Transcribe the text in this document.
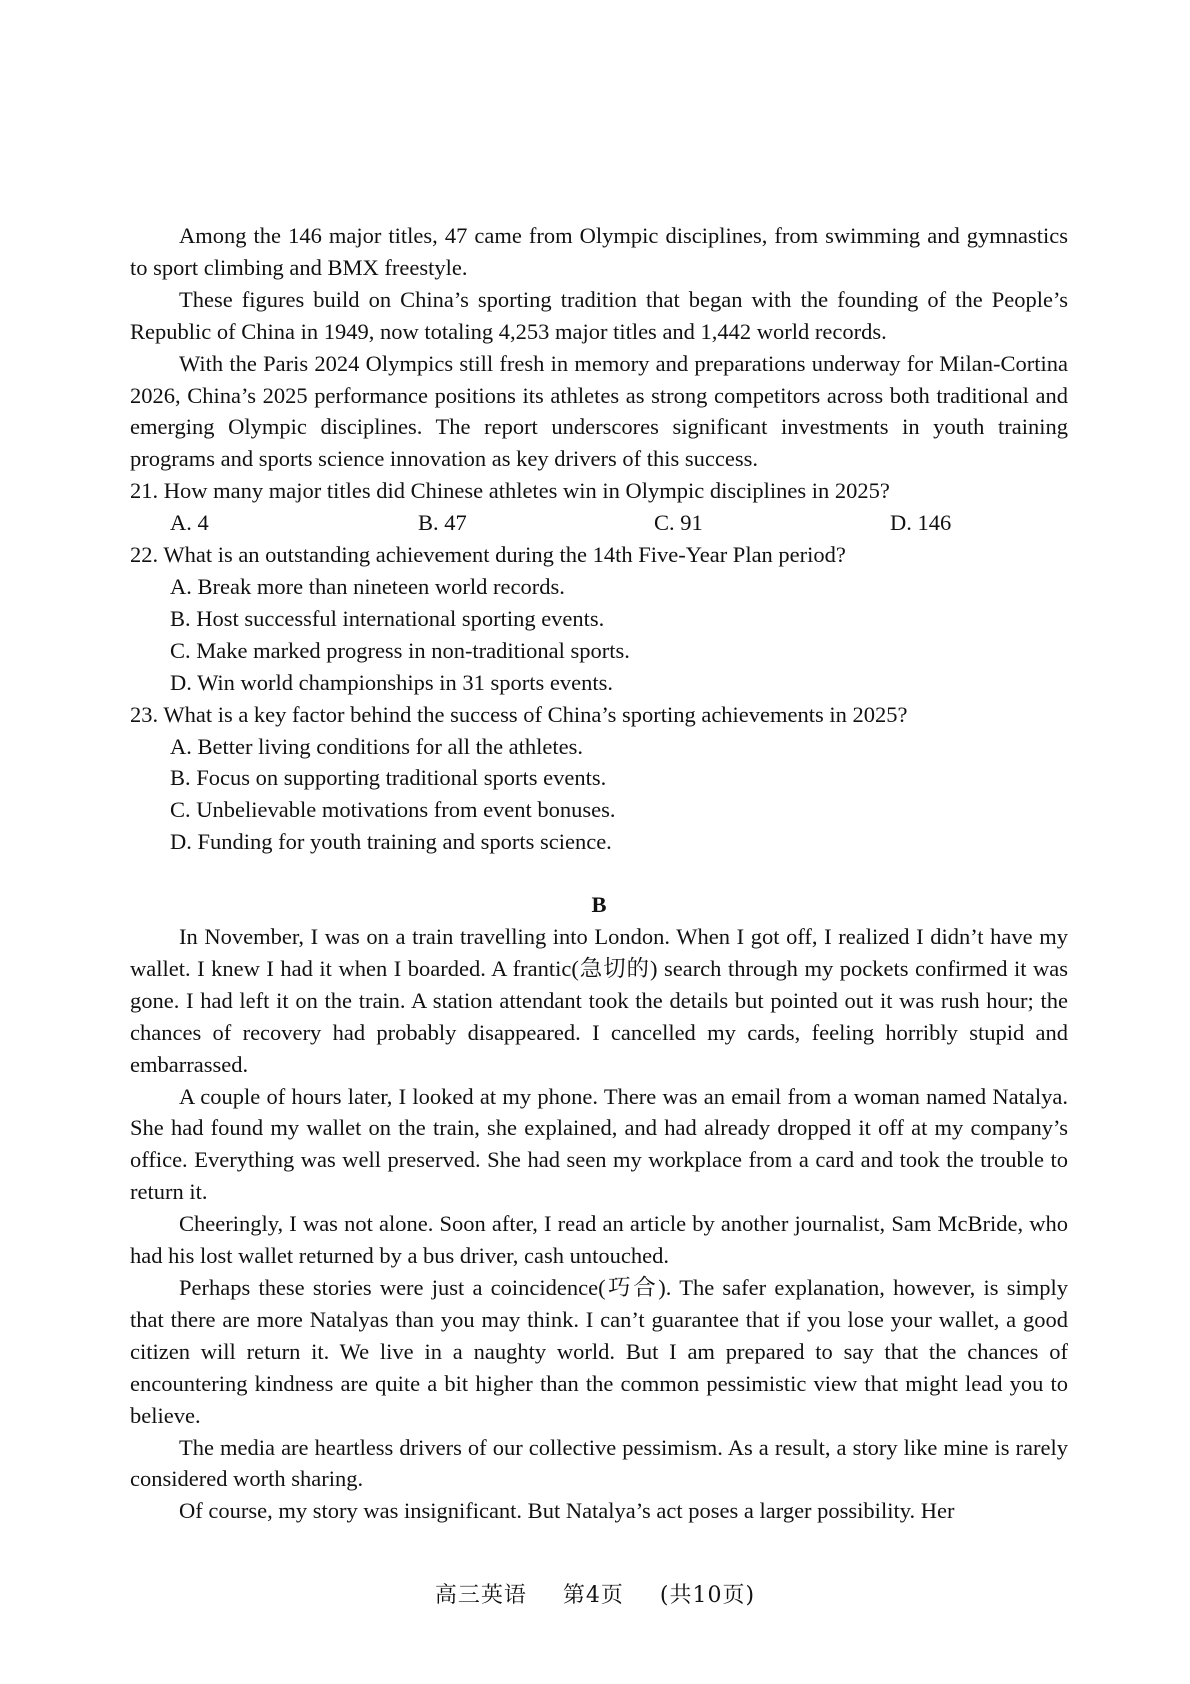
Among the 146 major titles, 47 came from Olympic disciplines, from swimming and gymnastics to sport climbing and BMX freestyle.

These figures build on China’s sporting tradition that began with the founding of the People’s Republic of China in 1949, now totaling 4,253 major titles and 1,442 world records.

With the Paris 2024 Olympics still fresh in memory and preparations underway for Milan-Cortina 2026, China’s 2025 performance positions its athletes as strong competitors across both traditional and emerging Olympic disciplines. The report underscores significant investments in youth training programs and sports science innovation as key drivers of this success.

21. How many major titles did Chinese athletes win in Olympic disciplines in 2025?

A. 4	B. 47	C. 91	D. 146

22. What is an outstanding achievement during the 14th Five-Year Plan period?

A. Break more than nineteen world records.

B. Host successful international sporting events.

C. Make marked progress in non-traditional sports.

D. Win world championships in 31 sports events.

23. What is a key factor behind the success of China’s sporting achievements in 2025?

A. Better living conditions for all the athletes.

B. Focus on supporting traditional sports events.

C. Unbelievable motivations from event bonuses.

D. Funding for youth training and sports science.

B

In November, I was on a train travelling into London. When I got off, I realized I didn’t have my wallet. I knew I had it when I boarded. A frantic(急切的) search through my pockets confirmed it was gone. I had left it on the train. A station attendant took the details but pointed out it was rush hour; the chances of recovery had probably disappeared. I cancelled my cards, feeling horribly stupid and embarrassed.

A couple of hours later, I looked at my phone. There was an email from a woman named Natalya. She had found my wallet on the train, she explained, and had already dropped it off at my company’s office. Everything was well preserved. She had seen my workplace from a card and took the trouble to return it.

Cheeringly, I was not alone. Soon after, I read an article by another journalist, Sam McBride, who had his lost wallet returned by a bus driver, cash untouched.

Perhaps these stories were just a coincidence(巧合). The safer explanation, however, is simply that there are more Natalyas than you may think. I can’t guarantee that if you lose your wallet, a good citizen will return it. We live in a naughty world. But I am prepared to say that the chances of encountering kindness are quite a bit higher than the common pessimistic view that might lead you to believe.

The media are heartless drivers of our collective pessimism. As a result, a story like mine is rarely considered worth sharing.

Of course, my story was insignificant. But Natalya’s act poses a larger possibility. Her

高三英语 第4页 (共10页)
